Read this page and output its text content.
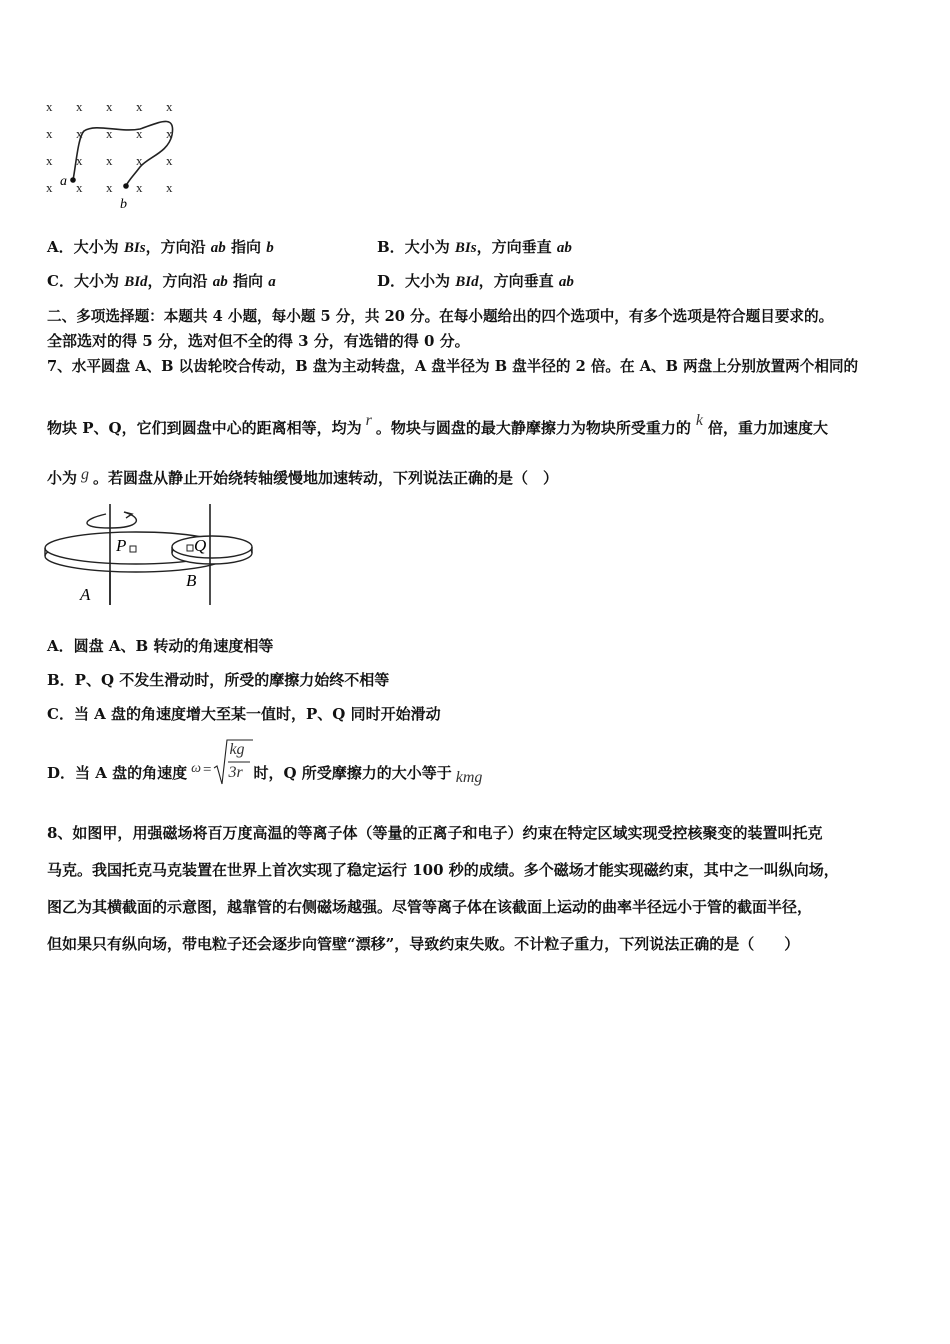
x x x x x
x x x x x
x x x x x
x x x x x
a
b
A．大小为 BIs，方向沿 ab 指向 b	B．大小为 BIs，方向垂直 ab
C．大小为 BId，方向沿 ab 指向 a	D．大小为 BId，方向垂直 ab
二、多项选择题：本题共 4 小题，每小题 5 分，共 20 分。在每小题给出的四个选项中，有多个选项是符合题目要求的。
全部选对的得 5 分，选对但不全的得 3 分，有选错的得 0 分。
7、水平圆盘 A、B 以齿轮咬合传动，B 盘为主动转盘，A 盘半径为 B 盘半径的 2 倍。在 A、B 两盘上分别放置两个相同的
物块 P、Q，它们到圆盘中心的距离相等，均为 r 。物块与圆盘的最大静摩擦力为物块所受重力的 k 倍，重力加速度大
小为 g 。若圆盘从静止开始绕转轴缓慢地加速转动，下列说法正确的是（　）
P	Q
A
B
A．圆盘 A、B 转动的角速度相等
B．P、Q 不发生滑动时，所受的摩擦力始终不相等
C．当 A 盘的角速度增大至某一值时，P、Q 同时开始滑动
D．当 A 盘的角速度 ω =
kg
3r 时，Q 所受摩擦力的大小等于 kmg
8、如图甲，用强磁场将百万度高温的等离子体（等量的正离子和电子）约束在特定区域实现受控核聚变的装置叫托克
马克。我国托克马克装置在世界上首次实现了稳定运行 100 秒的成绩。多个磁场才能实现磁约束，其中之一叫纵向场，
图乙为其横截面的示意图，越靠管的右侧磁场越强。尽管等离子体在该截面上运动的曲率半径远小于管的截面半径，
但如果只有纵向场，带电粒子还会逐步向管壁“漂移”，导致约束失败。不计粒子重力，下列说法正确的是（　　）
